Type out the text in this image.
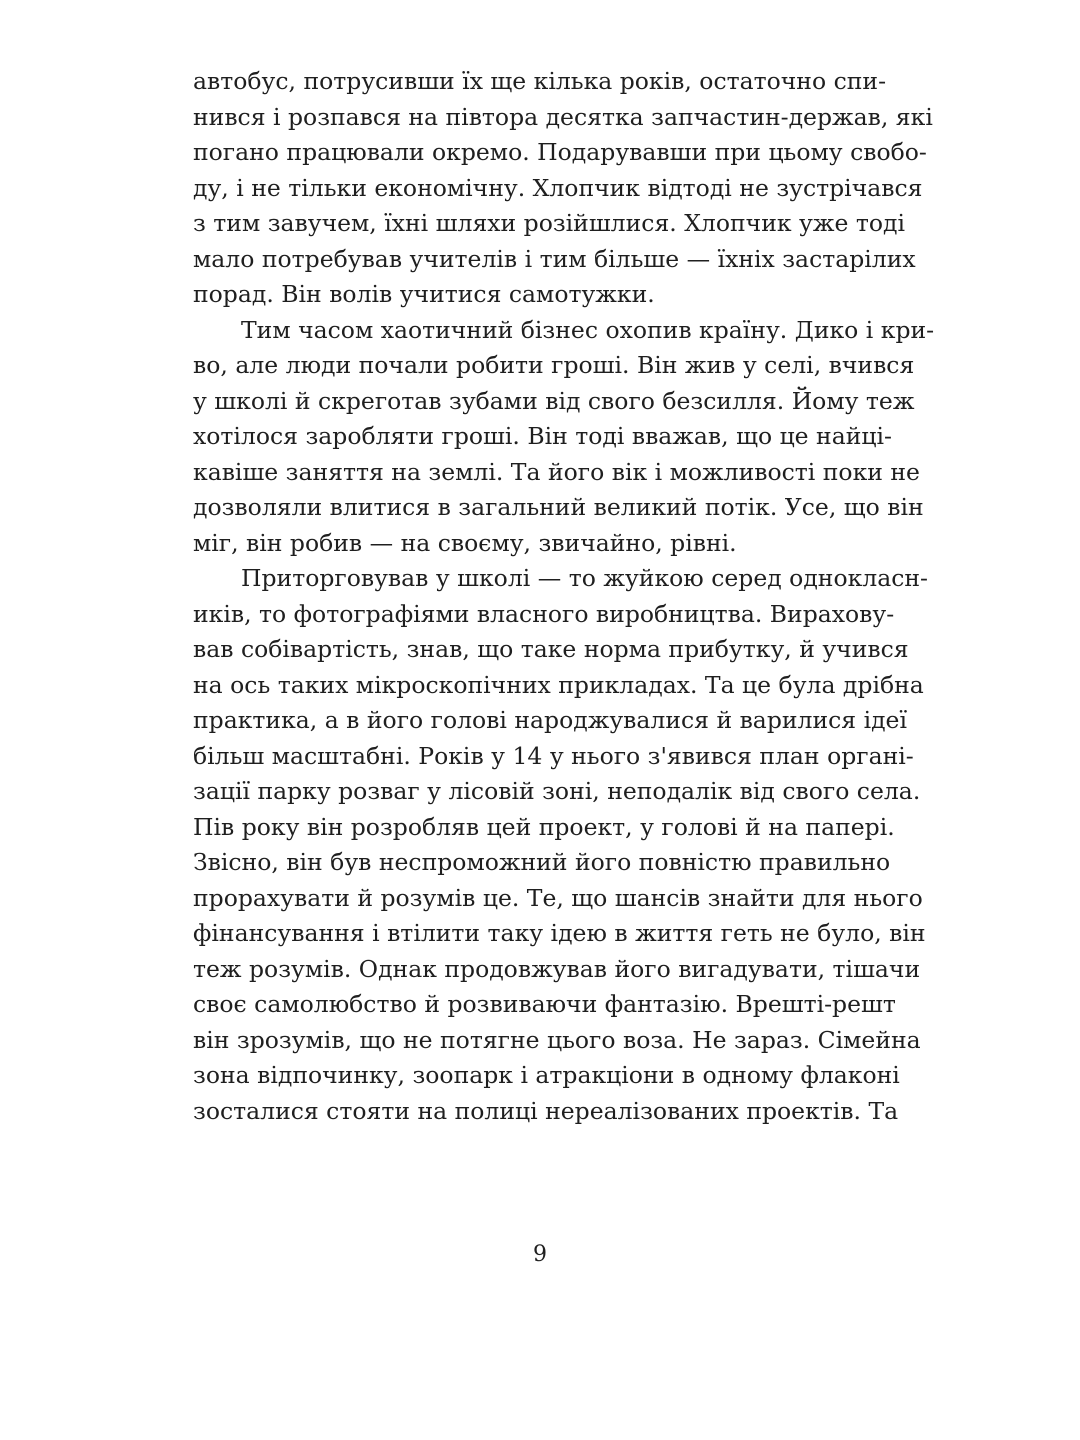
автобус, потрусивши їх ще кілька років, остаточно спи-
нився і розпався на півтора десятка запчастин-держав, які
погано працювали окремо. Подарувавши при цьому свобо-
ду, і не тільки економічну. Хлопчик відтоді не зустрічався
з тим завучем, їхні шляхи розійшлися. Хлопчик уже тоді
мало потребував учителів і тим більше — їхніх застарілих
порад. Він волів учитися самотужки.
Тим часом хаотичний бізнес охопив країну. Дико і кри-
во, але люди почали робити гроші. Він жив у селі, вчився
у школі й скреготав зубами від свого безсилля. Йому теж
хотілося заробляти гроші. Він тоді вважав, що це найці-
кавіше заняття на землі. Та його вік і можливості поки не
дозволяли влитися в загальний великий потік. Усе, що він
міг, він робив — на своєму, звичайно, рівні.
Приторговував у школі — то жуйкою серед однокласн-
иків, то фотографіями власного виробництва. Вирахову-
вав собівартість, знав, що таке норма прибутку, й учився
на ось таких мікроскопічних прикладах. Та це була дрібна
практика, а в його голові народжувалися й варилися ідеї
більш масштабні. Років у 14 у нього з'явився план органі-
зації парку розваг у лісовій зоні, неподалік від свого села.
Пів року він розробляв цей проект, у голові й на папері.
Звісно, він був неспроможний його повністю правильно
прорахувати й розумів це. Те, що шансів знайти для нього
фінансування і втілити таку ідею в життя геть не було, він
теж розумів. Однак продовжував його вигадувати, тішачи
своє самолюбство й розвиваючи фантазію. Врешті-решт
він зрозумів, що не потягне цього воза. Не зараз. Сімейна
зона відпочинку, зоопарк і атракціони в одному флаконі
зосталися стояти на полиці нереалізованих проектів. Та
9
